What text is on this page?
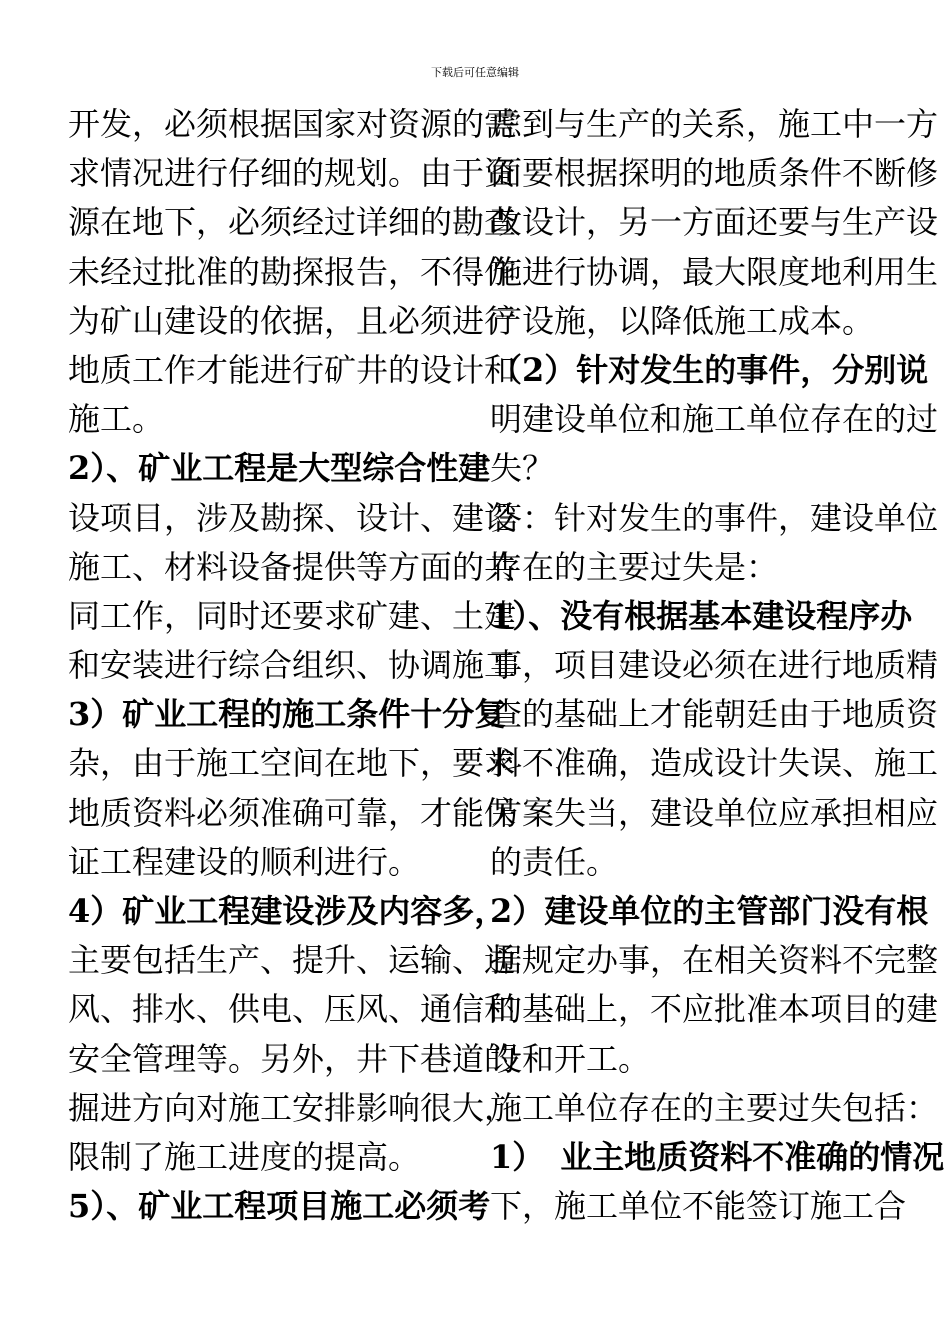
下载后可任意编辑
开发，必须根据国家对资源的需
求情况进行仔细的规划。由于资
源在地下，必须经过详细的勘查
未经过批准的勘探报告，不得作
为矿山建设的依据，且必须进行
地质工作才能进行矿井的设计和
施工。
2）、矿业工程是大型综合性建
设项目，涉及勘探、设计、建设
施工、材料设备提供等方面的共
同工作，同时还要求矿建、土建
和安装进行综合组织、协调施工
3）矿业工程的施工条件十分复
杂，由于施工空间在地下，要求
地质资料必须准确可靠，才能保
证工程建设的顺利进行。
4）矿业工程建设涉及内容多，
主要包括生产、提升、运输、通
风、排水、供电、压风、通信和
安全管理等。另外，井下巷道的
掘进方向对施工安排影响很大，
限制了施工进度的提高。
5）、矿业工程项目施工必须考
虑到与生产的关系，施工中一方
面要根据探明的地质条件不断修
改设计，另一方面还要与生产设
施进行协调，最大限度地利用生
产设施，以降低施工成本。
（2）针对发生的事件，分别说
明建设单位和施工单位存在的过
失？
答：针对发生的事件，建设单位
存在的主要过失是：
1）、没有根据基本建设程序办
事，项目建设必须在进行地质精
查的基础上才能朝廷由于地质资
料不准确，造成设计失误、施工
方案失当，建设单位应承担相应
的责任。
2）建设单位的主管部门没有根
据规定办事，在相关资料不完整
的基础上，不应批准本项目的建
设和开工。
施工单位存在的主要过失包括：
1）　业主地质资料不准确的情况
下，施工单位不能签订施工合
